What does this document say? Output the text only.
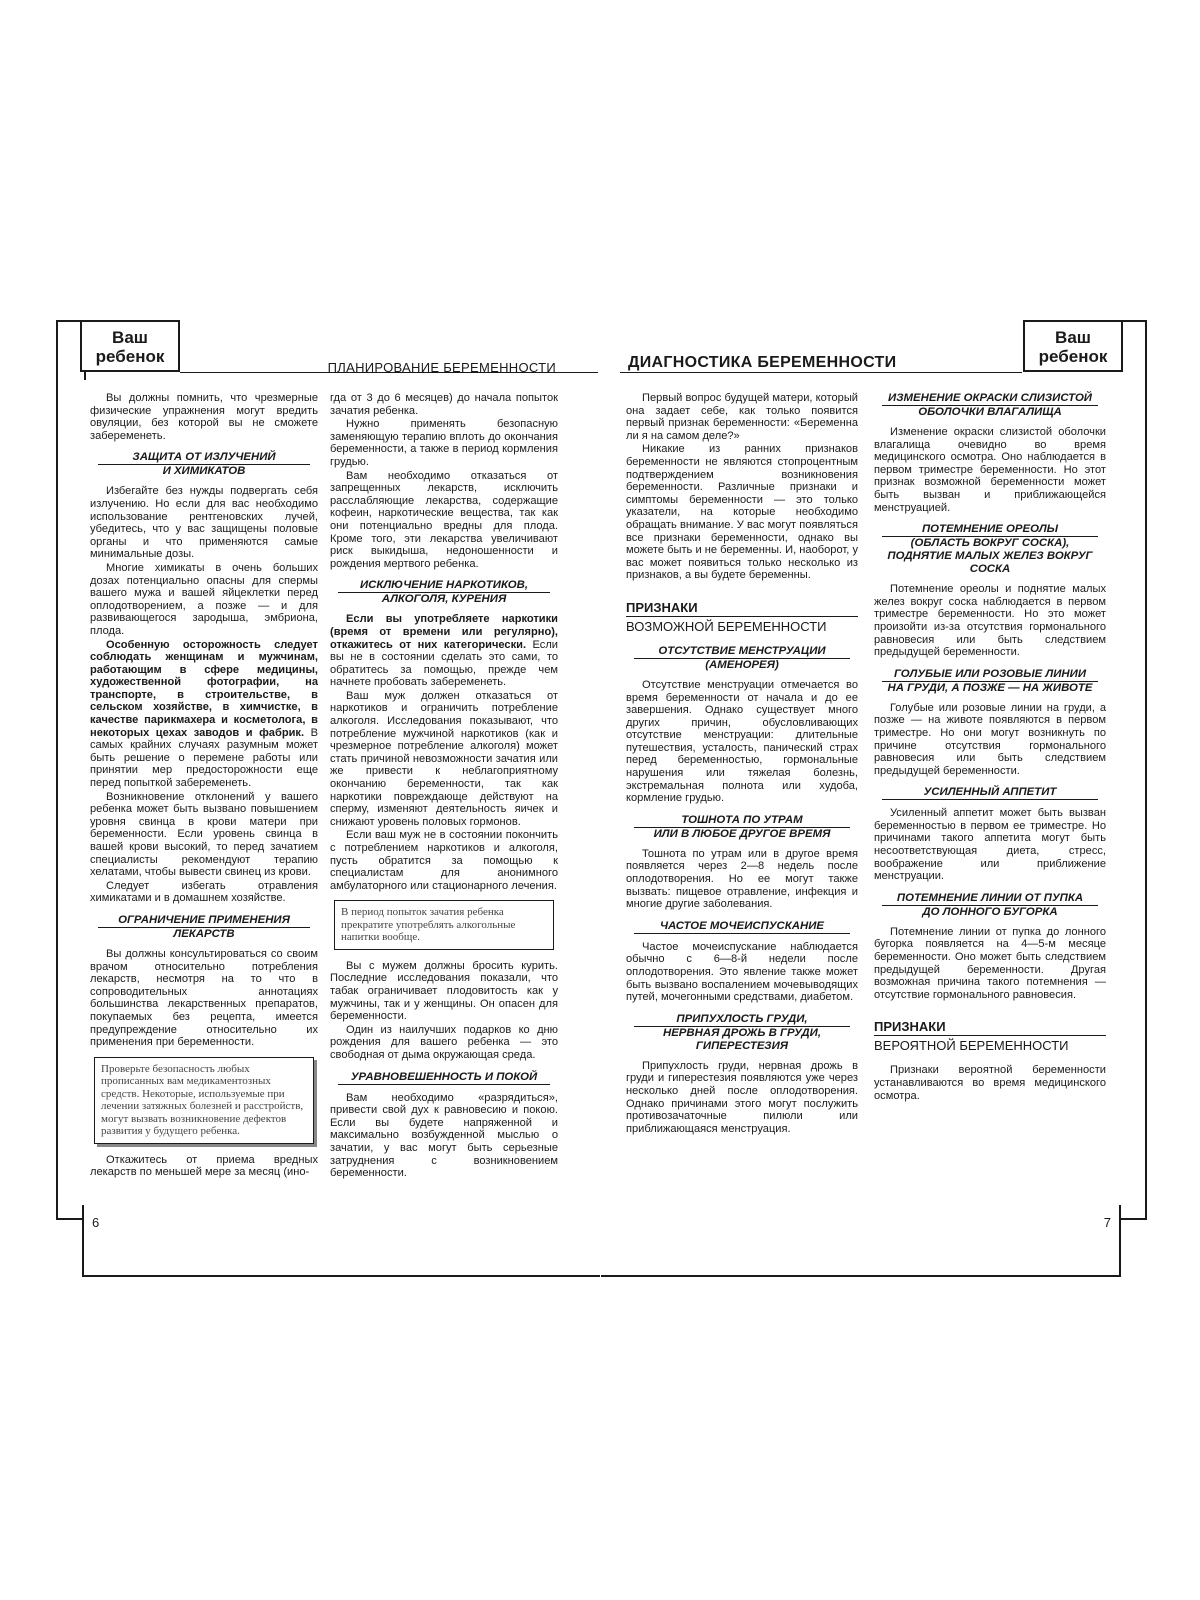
Ваш ребенок
ПЛАНИРОВАНИЕ БЕРЕМЕННОСТИ
6

Вы должны помнить, что чрезмерные физические упражнения могут вредить овуляции, без которой вы не сможете забеременеть.

ЗАЩИТА ОТ ИЗЛУЧЕНИЙ
И ХИМИКАТОВ

Избегайте без нужды подвергать себя излучению. Но если для вас необходимо использование рентгеновских лучей, убедитесь, что у вас защищены половые органы и что применяются самые минимальные дозы.

Многие химикаты в очень больших дозах потенциально опасны для спермы вашего мужа и вашей яйцеклетки перед оплодотворением, а позже — и для развивающегося зародыша, эмбриона, плода.

Особенную осторожность следует соблюдать женщинам и мужчинам, работающим в сфере медицины, художественной фотографии, на транспорте, в строительстве, в сельском хозяйстве, в химчистке, в качестве парикмахера и косметолога, в некоторых цехах заводов и фабрик. В самых крайних случаях разумным может быть решение о перемене работы или принятии мер предосторожности еще перед попыткой забеременеть.

Возникновение отклонений у вашего ребенка может быть вызвано повышением уровня свинца в крови матери при беременности. Если уровень свинца в вашей крови высокий, то перед зачатием специалисты рекомендуют терапию хелатами, чтобы вывести свинец из крови.

Следует избегать отравления химикатами и в домашнем хозяйстве.

ОГРАНИЧЕНИЕ ПРИМЕНЕНИЯ
ЛЕКАРСТВ

Вы должны консультироваться со своим врачом относительно потребления лекарств, несмотря на то что в сопроводительных аннотациях большинства лекарственных препаратов, покупаемых без рецепта, имеется предупреждение относительно их применения при беременности.

Проверьте безопасность любых прописанных вам медикаментозных средств. Некоторые, используемые при лечении затяжных болезней и расстройств, могут вызвать возникновение дефектов развития у будущего ребенка.

Откажитесь от приема вредных лекарств по меньшей мере за месяц (ино-

гда от 3 до 6 месяцев) до начала попыток зачатия ребенка.

Нужно применять безопасную заменяющую терапию вплоть до окончания беременности, а также в период кормления грудью.

Вам необходимо отказаться от запрещенных лекарств, исключить расслабляющие лекарства, содержащие кофеин, наркотические вещества, так как они потенциально вредны для плода. Кроме того, эти лекарства увеличивают риск выкидыша, недоношенности и рождения мертвого ребенка.

ИСКЛЮЧЕНИЕ НАРКОТИКОВ,
АЛКОГОЛЯ, КУРЕНИЯ

Если вы употребляете наркотики (время от времени или регулярно), откажитесь от них категорически. Если вы не в состоянии сделать это сами, то обратитесь за помощью, прежде чем начнете пробовать забеременеть.

Ваш муж должен отказаться от наркотиков и ограничить потребление алкоголя. Исследования показывают, что потребление мужчиной наркотиков (как и чрезмерное потребление алкоголя) может стать причиной невозможности зачатия или же привести к неблагоприятному окончанию беременности, так как наркотики повреждающе действуют на сперму, изменяют деятельность яичек и снижают уровень половых гормонов.

Если ваш муж не в состоянии покончить с потреблением наркотиков и алкоголя, пусть обратится за помощью к специалистам для анонимного амбулаторного или стационарного лечения.

В период попыток зачатия ребенка прекратите употреблять алкогольные напитки вообще.

Вы с мужем должны бросить курить. Последние исследования показали, что табак ограничивает плодовитость как у мужчины, так и у женщины. Он опасен для беременности.

Один из наилучших подарков ко дню рождения для вашего ребенка — это свободная от дыма окружающая среда.

УРАВНОВЕШЕННОСТЬ И ПОКОЙ

Вам необходимо «разрядиться», привести свой дух к равновесию и покою. Если вы будете напряженной и максимально возбужденной мыслью о зачатии, у вас могут быть серьезные затруднения с возникновением беременности.

Ваш ребенок
ДИАГНОСТИКА БЕРЕМЕННОСТИ
7

Первый вопрос будущей матери, который она задает себе, как только появится первый признак беременности: «Беременна ли я на самом деле?»

Никакие из ранних признаков беременности не являются стопроцентным подтверждением возникновения беременности. Различные признаки и симптомы беременности — это только указатели, на которые необходимо обращать внимание. У вас могут появляться все признаки беременности, однако вы можете быть и не беременны. И, наоборот, у вас может появиться только несколько из признаков, а вы будете беременны.

ПРИЗНАКИ
ВОЗМОЖНОЙ БЕРЕМЕННОСТИ
ОТСУТСТВИЕ МЕНСТРУАЦИИ
(АМЕНОРЕЯ)

Отсутствие менструации отмечается во время беременности от начала и до ее завершения. Однако существует много других причин, обусловливающих отсутствие менструации: длительные путешествия, усталость, панический страх перед беременностью, гормональные нарушения или тяжелая болезнь, экстремальная полнота или худоба, кормление грудью.

ТОШНОТА ПО УТРАМ
ИЛИ В ЛЮБОЕ ДРУГОЕ ВРЕМЯ

Тошнота по утрам или в другое время появляется через 2—8 недель после оплодотворения. Но ее могут также вызвать: пищевое отравление, инфекция и многие другие заболевания.

ЧАСТОЕ МОЧЕИСПУСКАНИЕ

Частое мочеиспускание наблюдается обычно с 6—8-й недели после оплодотворения. Это явление также может быть вызвано воспалением мочевыводящих путей, мочегонными средствами, диабетом.

ПРИПУХЛОСТЬ ГРУДИ,
НЕРВНАЯ ДРОЖЬ В ГРУДИ, ГИПЕРЕСТЕЗИЯ

Припухлость груди, нервная дрожь в груди и гиперестезия появляются уже через несколько дней после оплодотворения. Однако причинами этого могут послужить противозачаточные пилюли или приближающаяся менструация.

ИЗМЕНЕНИЕ ОКРАСКИ СЛИЗИСТОЙ
ОБОЛОЧКИ ВЛАГАЛИЩА

Изменение окраски слизистой оболочки влагалища очевидно во время медицинского осмотра. Оно наблюдается в первом триместре беременности. Но этот признак возможной беременности может быть вызван и приближающейся менструацией.

ПОТЕМНЕНИЕ ОРЕОЛЫ
(ОБЛАСТЬ ВОКРУГ СОСКА), ПОДНЯТИЕ МАЛЫХ ЖЕЛЕЗ ВОКРУГ СОСКА

Потемнение ореолы и поднятие малых желез вокруг соска наблюдается в первом триместре беременности. Но это может произойти из-за отсутствия гормонального равновесия или быть следствием предыдущей беременности.

ГОЛУБЫЕ ИЛИ РОЗОВЫЕ ЛИНИИ
НА ГРУДИ, А ПОЗЖЕ — НА ЖИВОТЕ

Голубые или розовые линии на груди, а позже — на животе появляются в первом триместре. Но они могут возникнуть по причине отсутствия гормонального равновесия или быть следствием предыдущей беременности.

УСИЛЕННЫЙ АППЕТИТ

Усиленный аппетит может быть вызван беременностью в первом ее триместре. Но причинами такого аппетита могут быть несоответствующая диета, стресс, воображение или приближение менструации.

ПОТЕМНЕНИЕ ЛИНИИ ОТ ПУПКА
ДО ЛОННОГО БУГОРКА

Потемнение линии от пупка до лонного бугорка появляется на 4—5-м месяце беременности. Оно может быть следствием предыдущей беременности. Другая возможная причина такого потемнения — отсутствие гормонального равновесия.

ПРИЗНАКИ
ВЕРОЯТНОЙ БЕРЕМЕННОСТИ

Признаки вероятной беременности устанавливаются во время медицинского осмотра.
